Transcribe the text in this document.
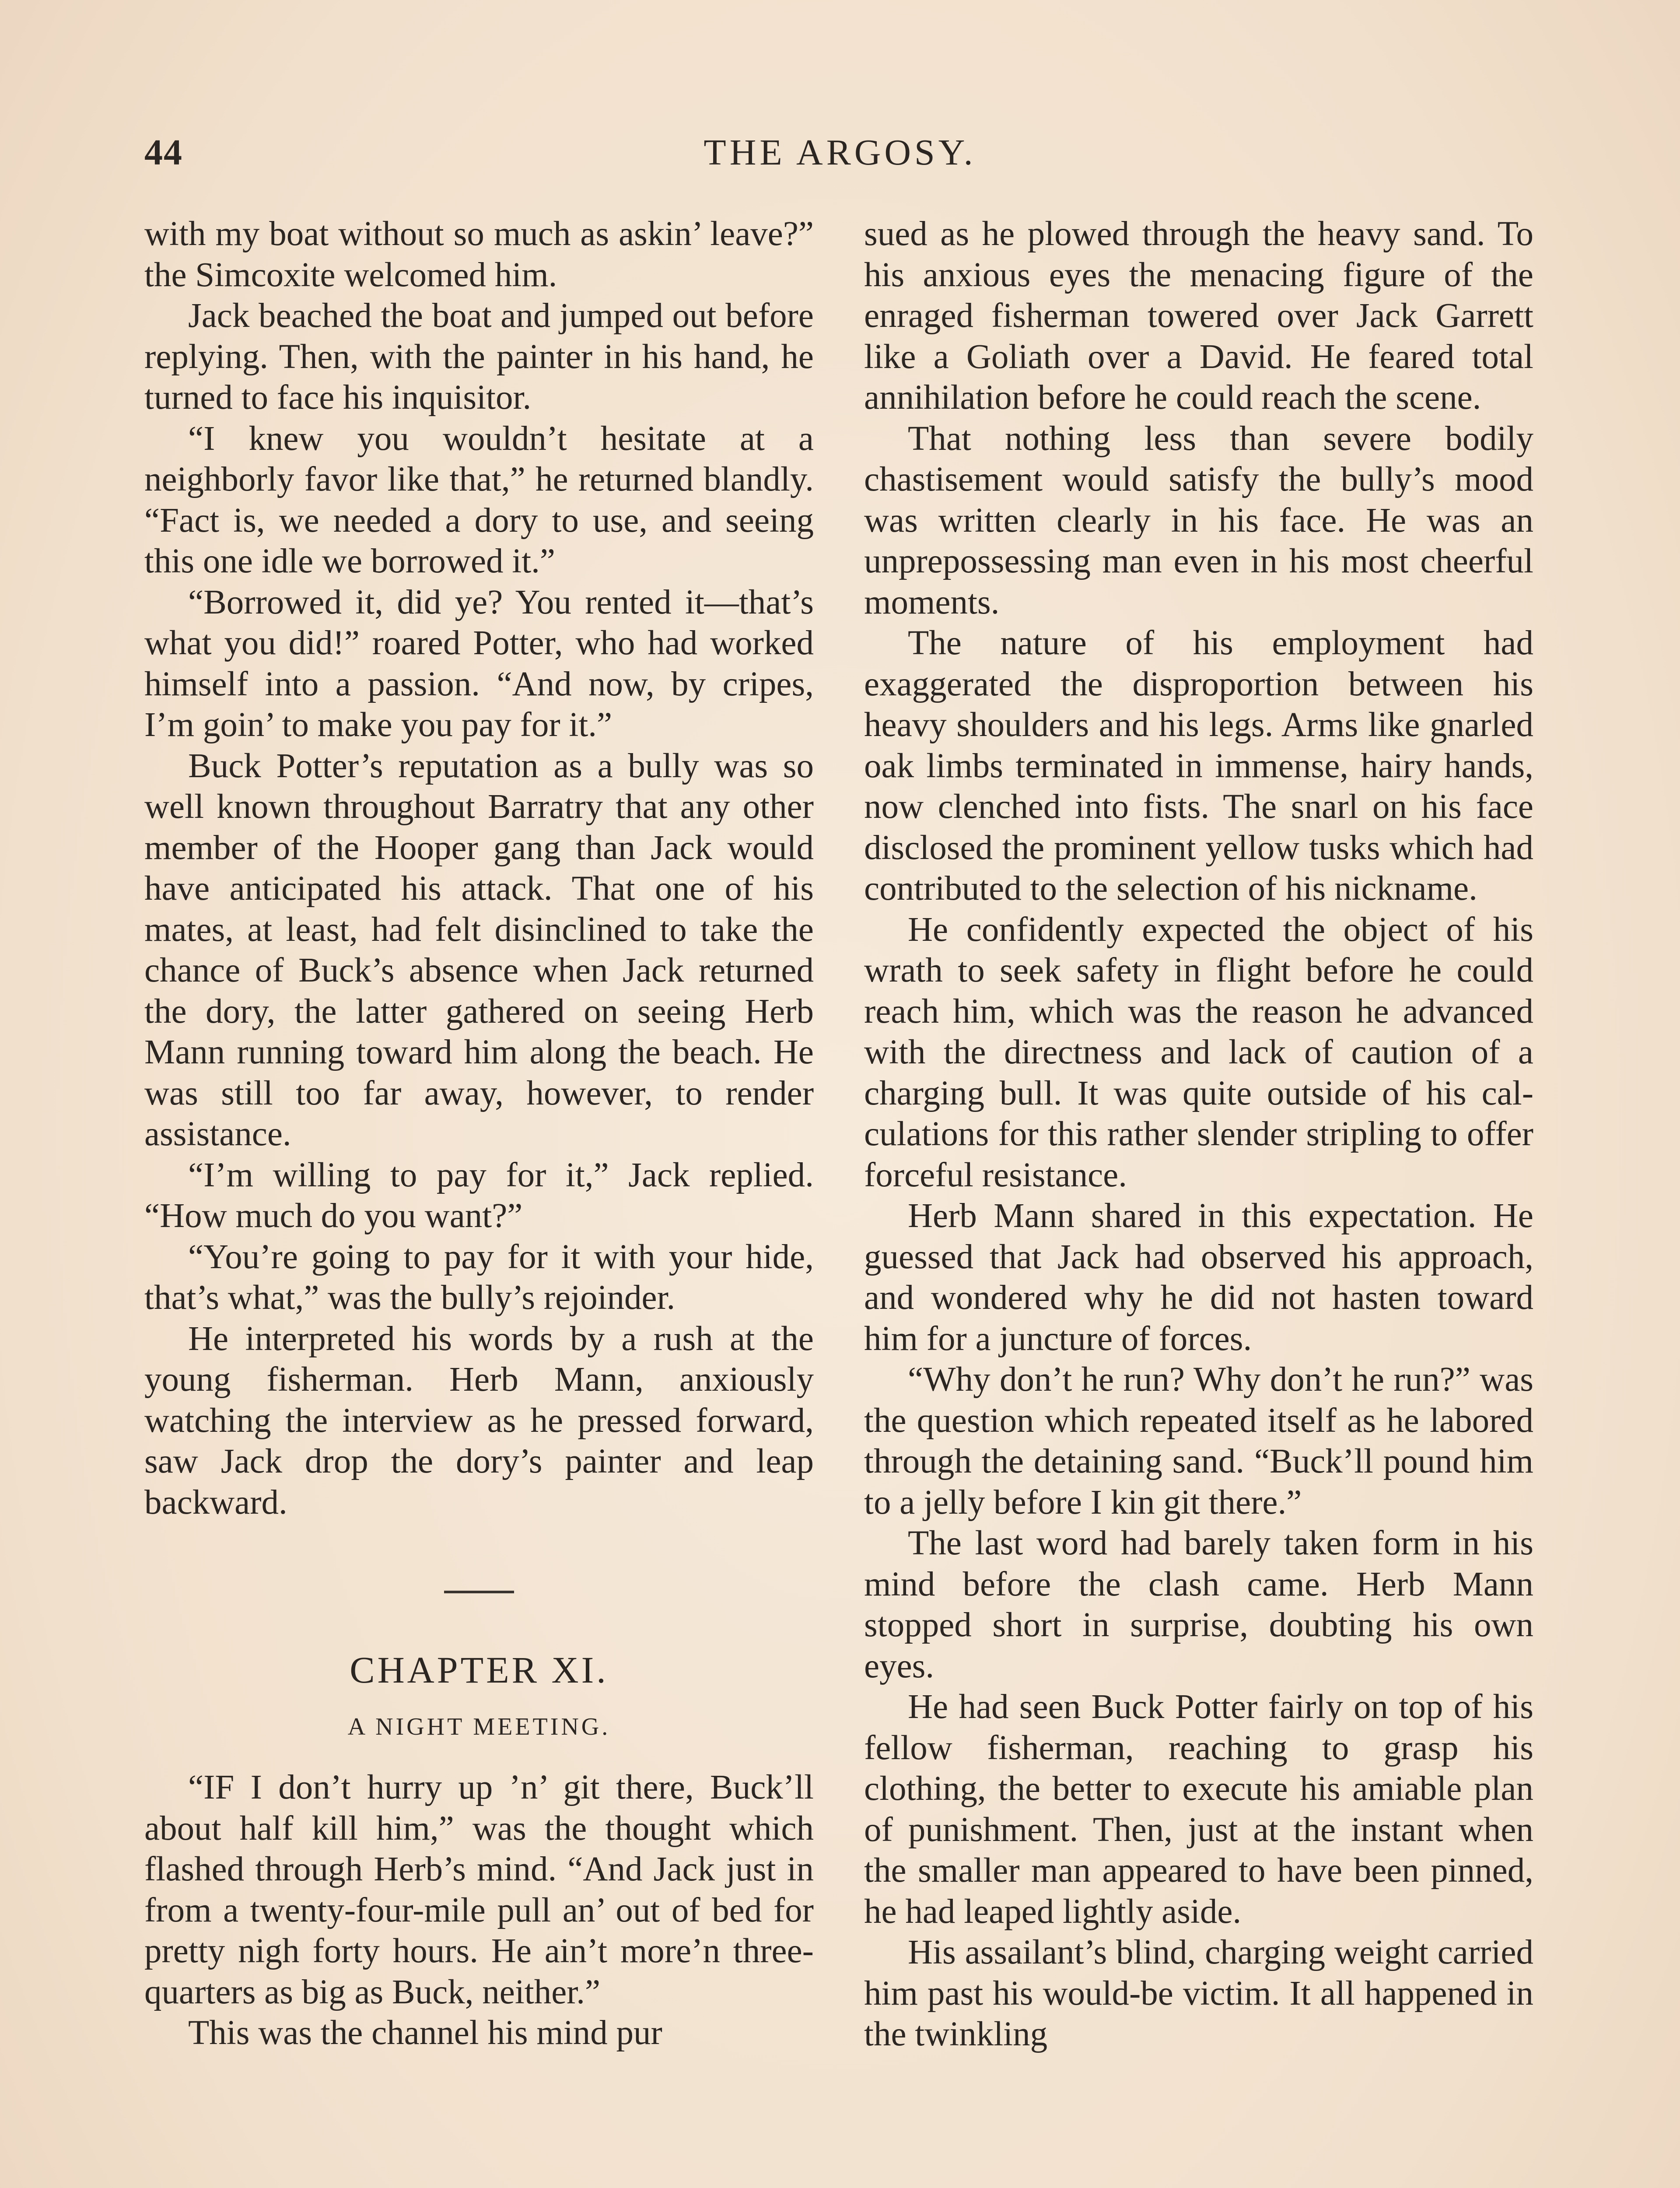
44	THE ARGOSY.

with my boat without so much as askin’ leave?” the Simcoxite welcomed him.

Jack beached the boat and jumped out before replying. Then, with the painter in his hand, he turned to face his inquisitor.

“I knew you wouldn’t hesitate at a neighborly favor like that,” he returned blandly. “Fact is, we needed a dory to use, and seeing this one idle we borrowed it.”

“Borrowed it, did ye? You rented it—that’s what you did!” roared Potter, who had worked himself into a passion. “And now, by cripes, I’m goin’ to make you pay for it.”

Buck Potter’s reputation as a bully was so well known throughout Barratry that any other member of the Hooper gang than Jack would have anticipated his attack. That one of his mates, at least, had felt disinclined to take the chance of Buck’s absence when Jack returned the dory, the latter gathered on seeing Herb Mann running toward him along the beach. He was still too far away, however, to render assistance.

“I’m willing to pay for it,” Jack replied. “How much do you want?”

“You’re going to pay for it with your hide, that’s what,” was the bully’s rejoinder.

He interpreted his words by a rush at the young fisherman. Herb Mann, anxiously watching the interview as he pressed forward, saw Jack drop the dory’s painter and leap backward.

CHAPTER XI.
A NIGHT MEETING.

“IF I don’t hurry up ’n’ git there, Buck’ll about half kill him,” was the thought which flashed through Herb’s mind. “And Jack just in from a twenty-four-mile pull an’ out of bed for pretty nigh forty hours. He ain’t more’n three-quarters as big as Buck, neither.”

This was the channel his mind pur

sued as he plowed through the heavy sand. To his anxious eyes the menacing figure of the enraged fisherman towered over Jack Garrett like a Goliath over a David. He feared total annihilation before he could reach the scene.

That nothing less than severe bodily chastisement would satisfy the bully’s mood was written clearly in his face. He was an unprepossessing man even in his most cheerful moments.

The nature of his employment had exaggerated the disproportion between his heavy shoulders and his legs. Arms like gnarled oak limbs terminated in immense, hairy hands, now clenched into fists. The snarl on his face disclosed the prominent yellow tusks which had contributed to the selection of his nickname.

He confidently expected the object of his wrath to seek safety in flight before he could reach him, which was the reason he advanced with the directness and lack of caution of a charging bull. It was quite outside of his calculations for this rather slender stripling to offer forceful resistance.

Herb Mann shared in this expectation. He guessed that Jack had observed his approach, and wondered why he did not hasten toward him for a juncture of forces.

“Why don’t he run? Why don’t he run?” was the question which repeated itself as he labored through the detaining sand. “Buck’ll pound him to a jelly before I kin git there.”

The last word had barely taken form in his mind before the clash came. Herb Mann stopped short in surprise, doubting his own eyes.

He had seen Buck Potter fairly on top of his fellow fisherman, reaching to grasp his clothing, the better to execute his amiable plan of punishment. Then, just at the instant when the smaller man appeared to have been pinned, he had leaped lightly aside.

His assailant’s blind, charging weight carried him past his would-be victim. It all happened in the twinkling
